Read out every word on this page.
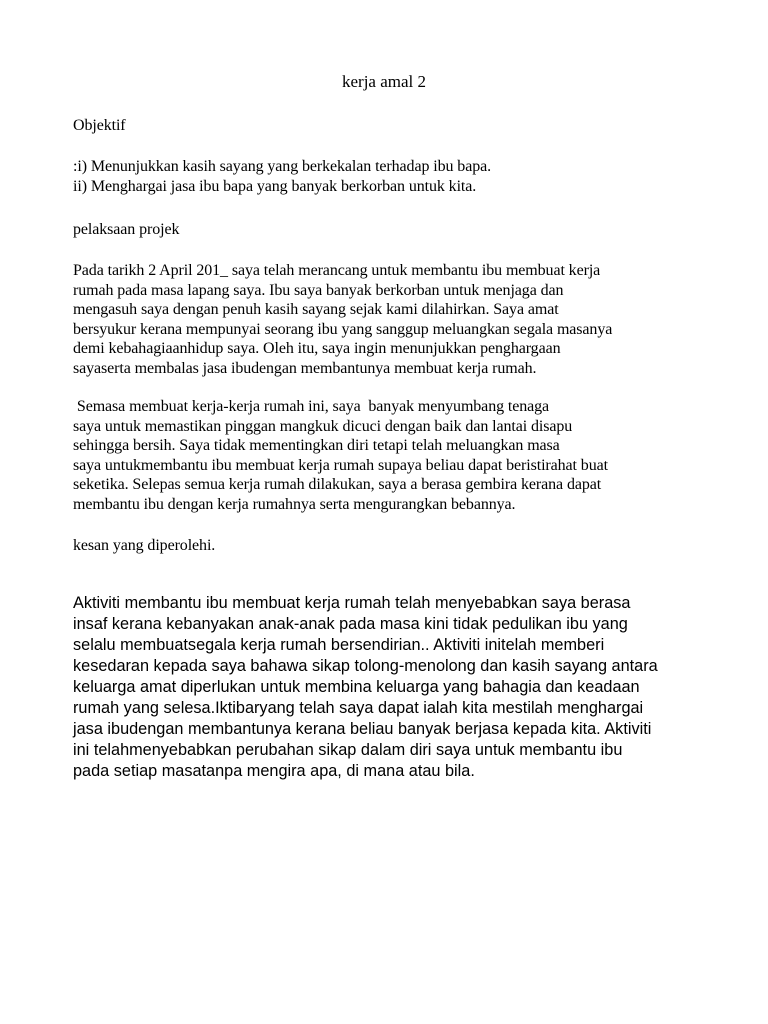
kerja amal 2
Objektif
:i) Menunjukkan kasih sayang yang berkekalan terhadap ibu bapa.
ii) Menghargai jasa ibu bapa yang banyak berkorban untuk kita.
pelaksaan projek
Pada tarikh 2 April 201_ saya telah merancang untuk membantu ibu membuat kerja
rumah pada masa lapang saya. Ibu saya banyak berkorban untuk menjaga dan
mengasuh saya dengan penuh kasih sayang sejak kami dilahirkan. Saya amat
bersyukur kerana mempunyai seorang ibu yang sanggup meluangkan segala masanya
demi kebahagiaanhidup saya. Oleh itu, saya ingin menunjukkan penghargaan
sayaserta membalas jasa ibudengan membantunya membuat kerja rumah.
Semasa membuat kerja-kerja rumah ini, saya  banyak menyumbang tenaga
saya untuk memastikan pinggan mangkuk dicuci dengan baik dan lantai disapu
sehingga bersih. Saya tidak mementingkan diri tetapi telah meluangkan masa
saya untukmembantu ibu membuat kerja rumah supaya beliau dapat beristirahat buat
seketika. Selepas semua kerja rumah dilakukan, saya a berasa gembira kerana dapat
membantu ibu dengan kerja rumahnya serta mengurangkan bebannya.
kesan yang diperolehi.
Aktiviti membantu ibu membuat kerja rumah telah menyebabkan saya berasa
insaf kerana kebanyakan anak-anak pada masa kini tidak pedulikan ibu yang
selalu membuatsegala kerja rumah bersendirian.. Aktiviti initelah memberi
kesedaran kepada saya bahawa sikap tolong-menolong dan kasih sayang antara
keluarga amat diperlukan untuk membina keluarga yang bahagia dan keadaan
rumah yang selesa.Iktibaryang telah saya dapat ialah kita mestilah menghargai
jasa ibudengan membantunya kerana beliau banyak berjasa kepada kita. Aktiviti
ini telahmenyebabkan perubahan sikap dalam diri saya untuk membantu ibu
pada setiap masatanpa mengira apa, di mana atau bila.
